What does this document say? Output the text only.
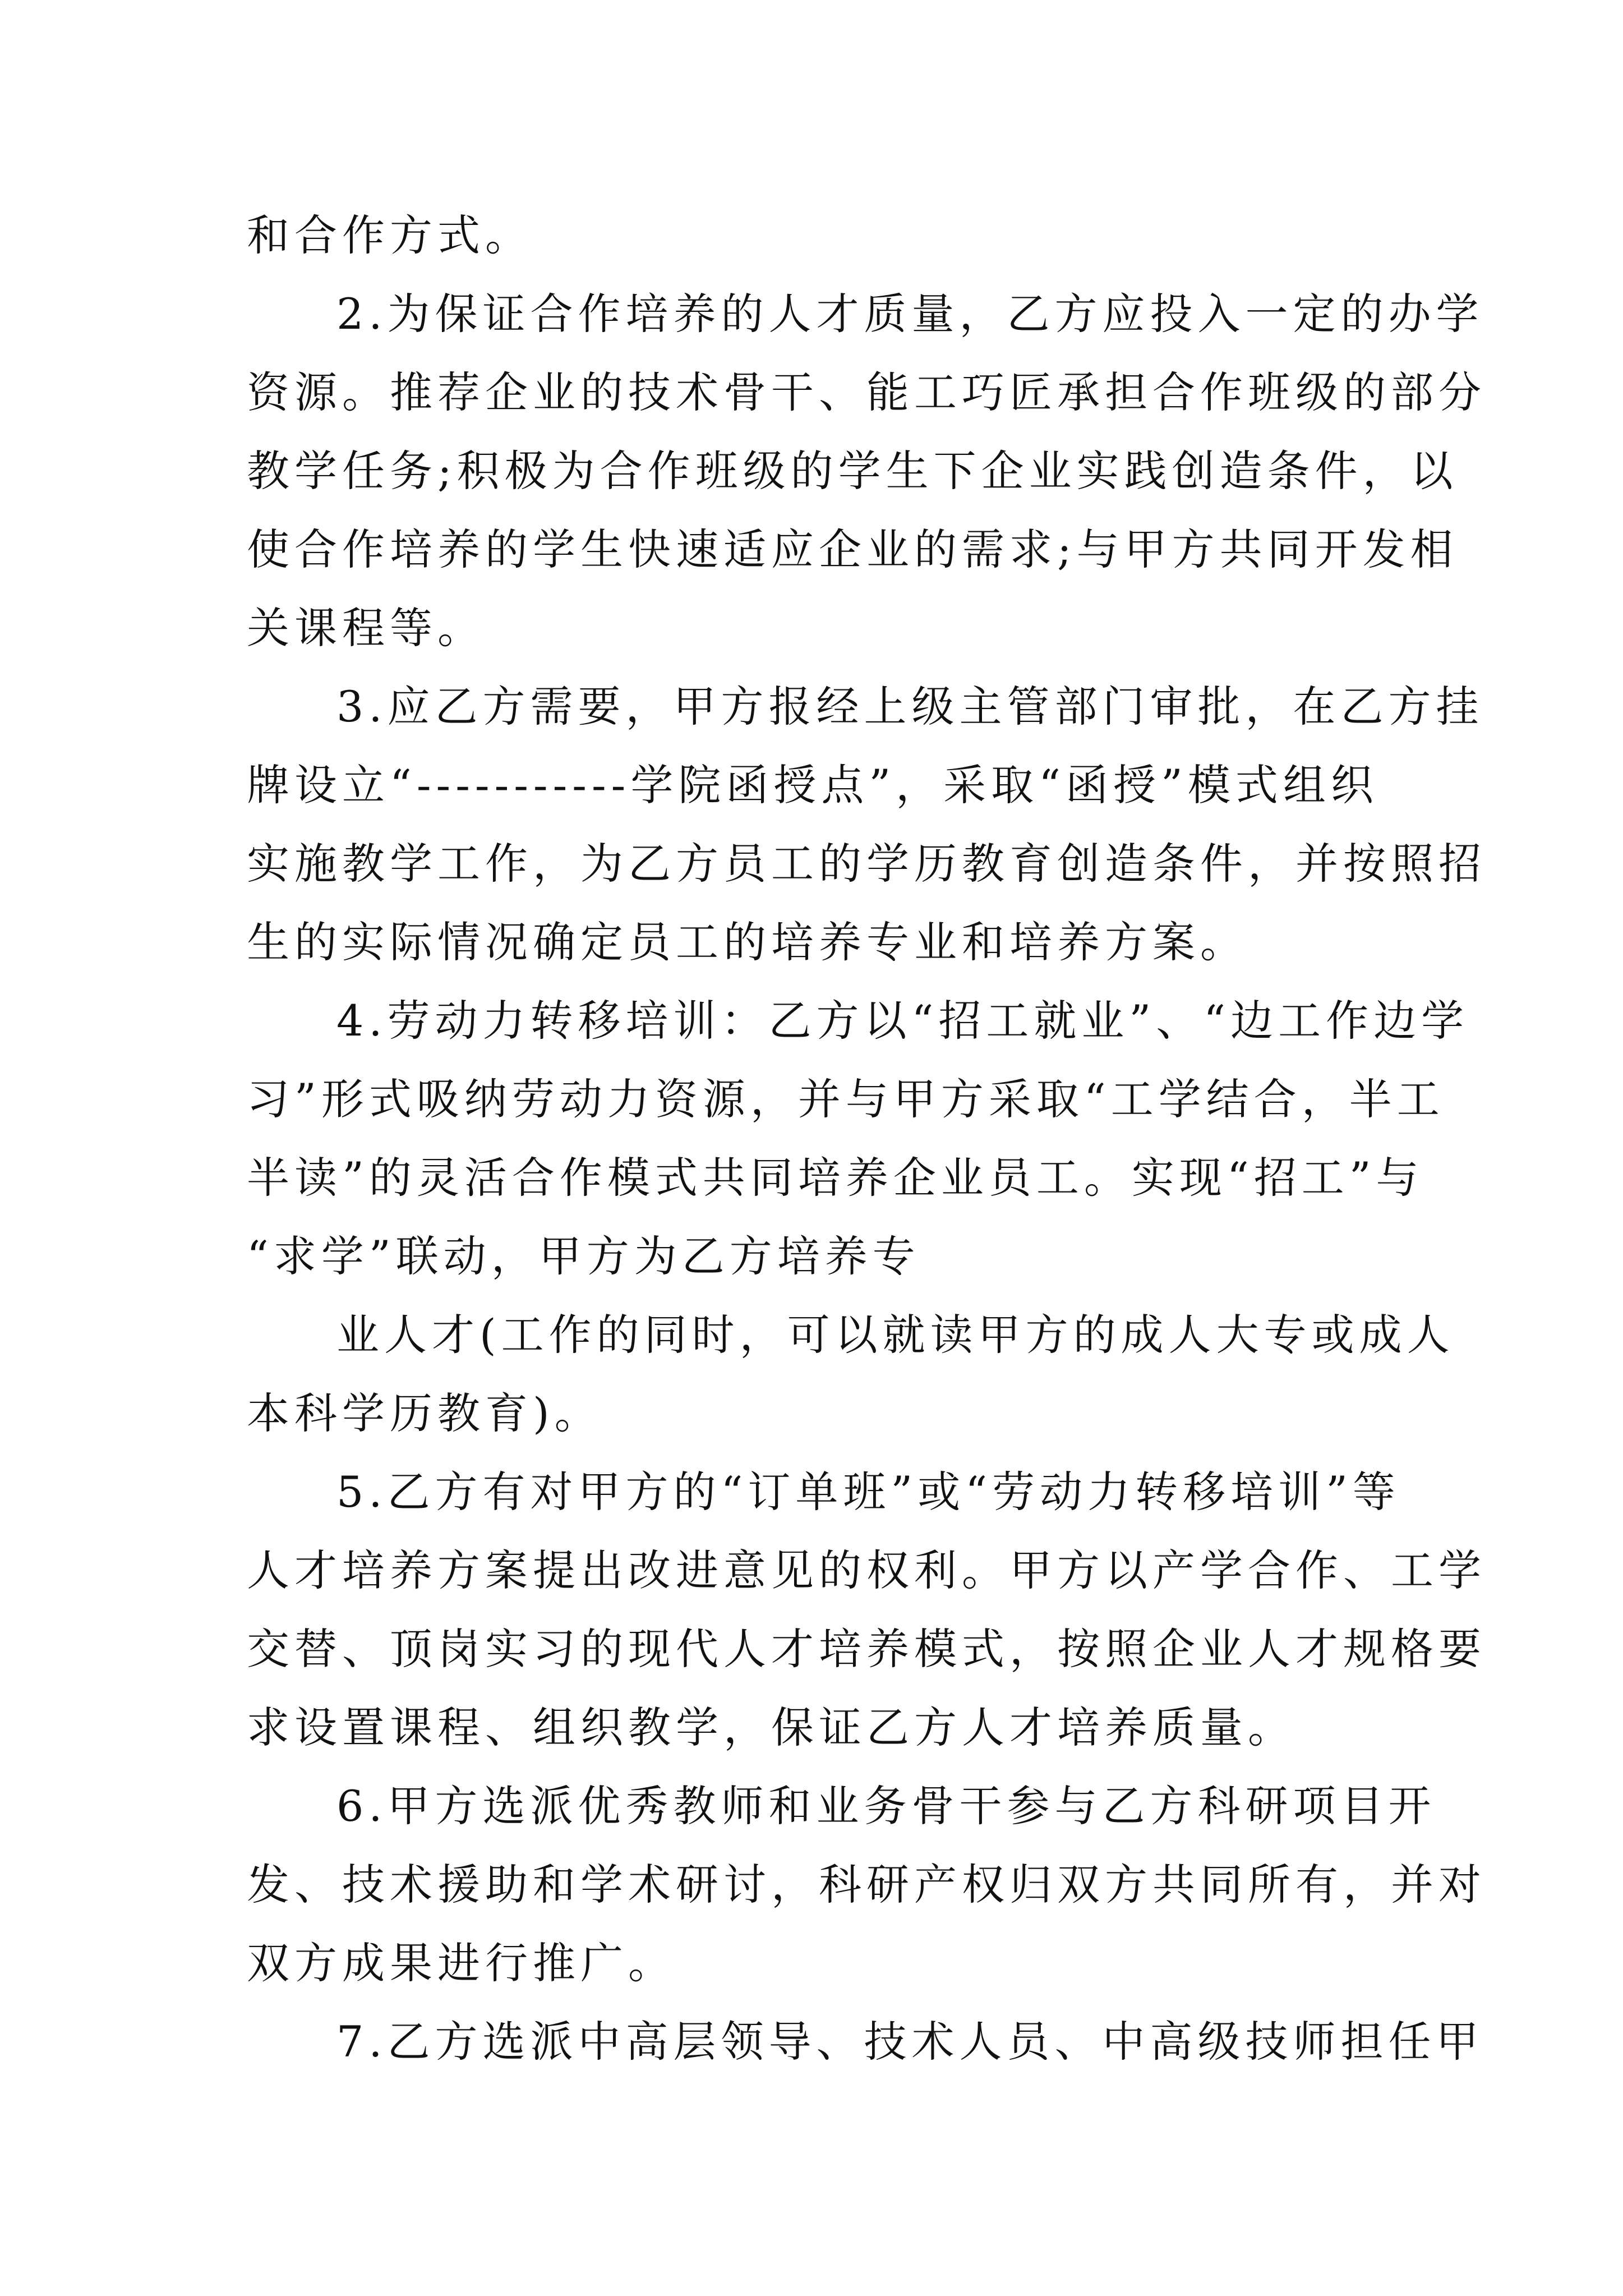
和合作方式。
2.为保证合作培养的人才质量，乙方应投入一定的办学
资源。推荐企业的技术骨干、能工巧匠承担合作班级的部分
教学任务;积极为合作班级的学生下企业实践创造条件，以
使合作培养的学生快速适应企业的需求;与甲方共同开发相
关课程等。
3.应乙方需要，甲方报经上级主管部门审批，在乙方挂
牌设立“-----------学院函授点”，采取“函授”模式组织
实施教学工作，为乙方员工的学历教育创造条件，并按照招
生的实际情况确定员工的培养专业和培养方案。
4.劳动力转移培训：乙方以“招工就业”、“边工作边学
习”形式吸纳劳动力资源，并与甲方采取“工学结合，半工
半读”的灵活合作模式共同培养企业员工。实现“招工”与
“求学”联动，甲方为乙方培养专
业人才(工作的同时，可以就读甲方的成人大专或成人
本科学历教育)。
5.乙方有对甲方的“订单班”或“劳动力转移培训”等
人才培养方案提出改进意见的权利。甲方以产学合作、工学
交替、顶岗实习的现代人才培养模式，按照企业人才规格要
求设置课程、组织教学，保证乙方人才培养质量。
6.甲方选派优秀教师和业务骨干参与乙方科研项目开
发、技术援助和学术研讨，科研产权归双方共同所有，并对
双方成果进行推广。
7.乙方选派中高层领导、技术人员、中高级技师担任甲
